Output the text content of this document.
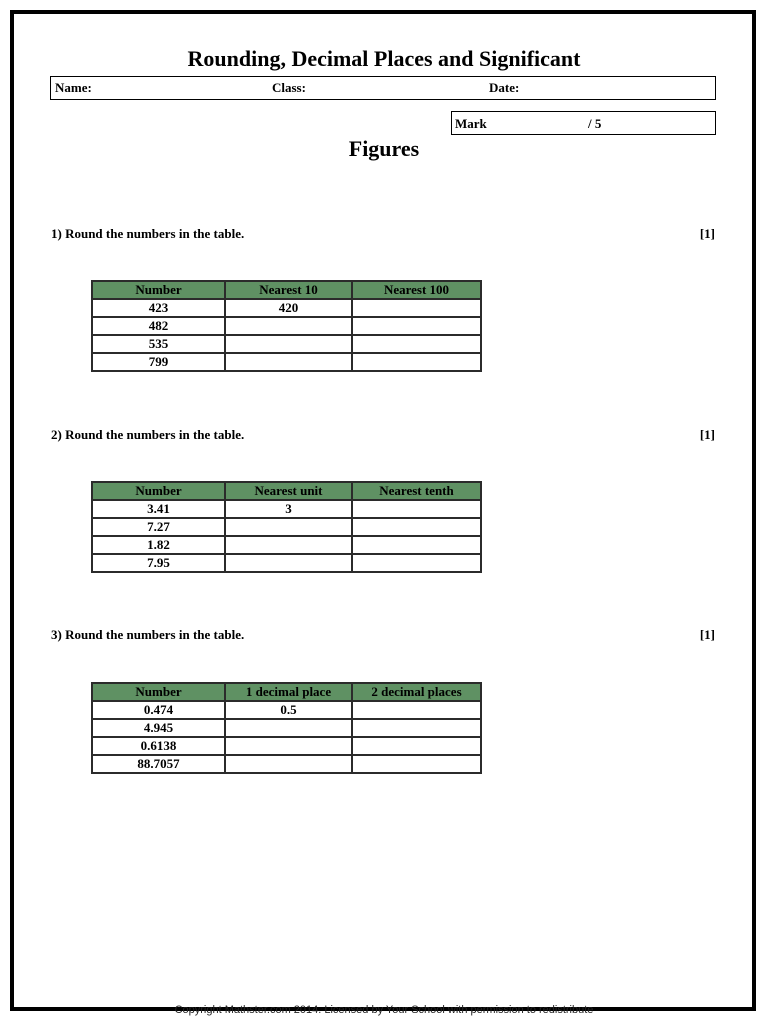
Rounding, Decimal Places and Significant
Name:	Class:	Date:
Mark	/ 5
Figures
1) Round the numbers in the table.	[1]
Number	Nearest 10	Nearest 100
423	420	
482		
535		
799		
2) Round the numbers in the table.	[1]
Number	Nearest unit	Nearest tenth
3.41	3	
7.27		
1.82		
7.95		
3) Round the numbers in the table.	[1]
Number	1 decimal place	2 decimal places
0.474	0.5	
4.945		
0.6138		
88.7057		
Copyright Mathster.com 2014. Licensed by Your School with permission to redistribute
